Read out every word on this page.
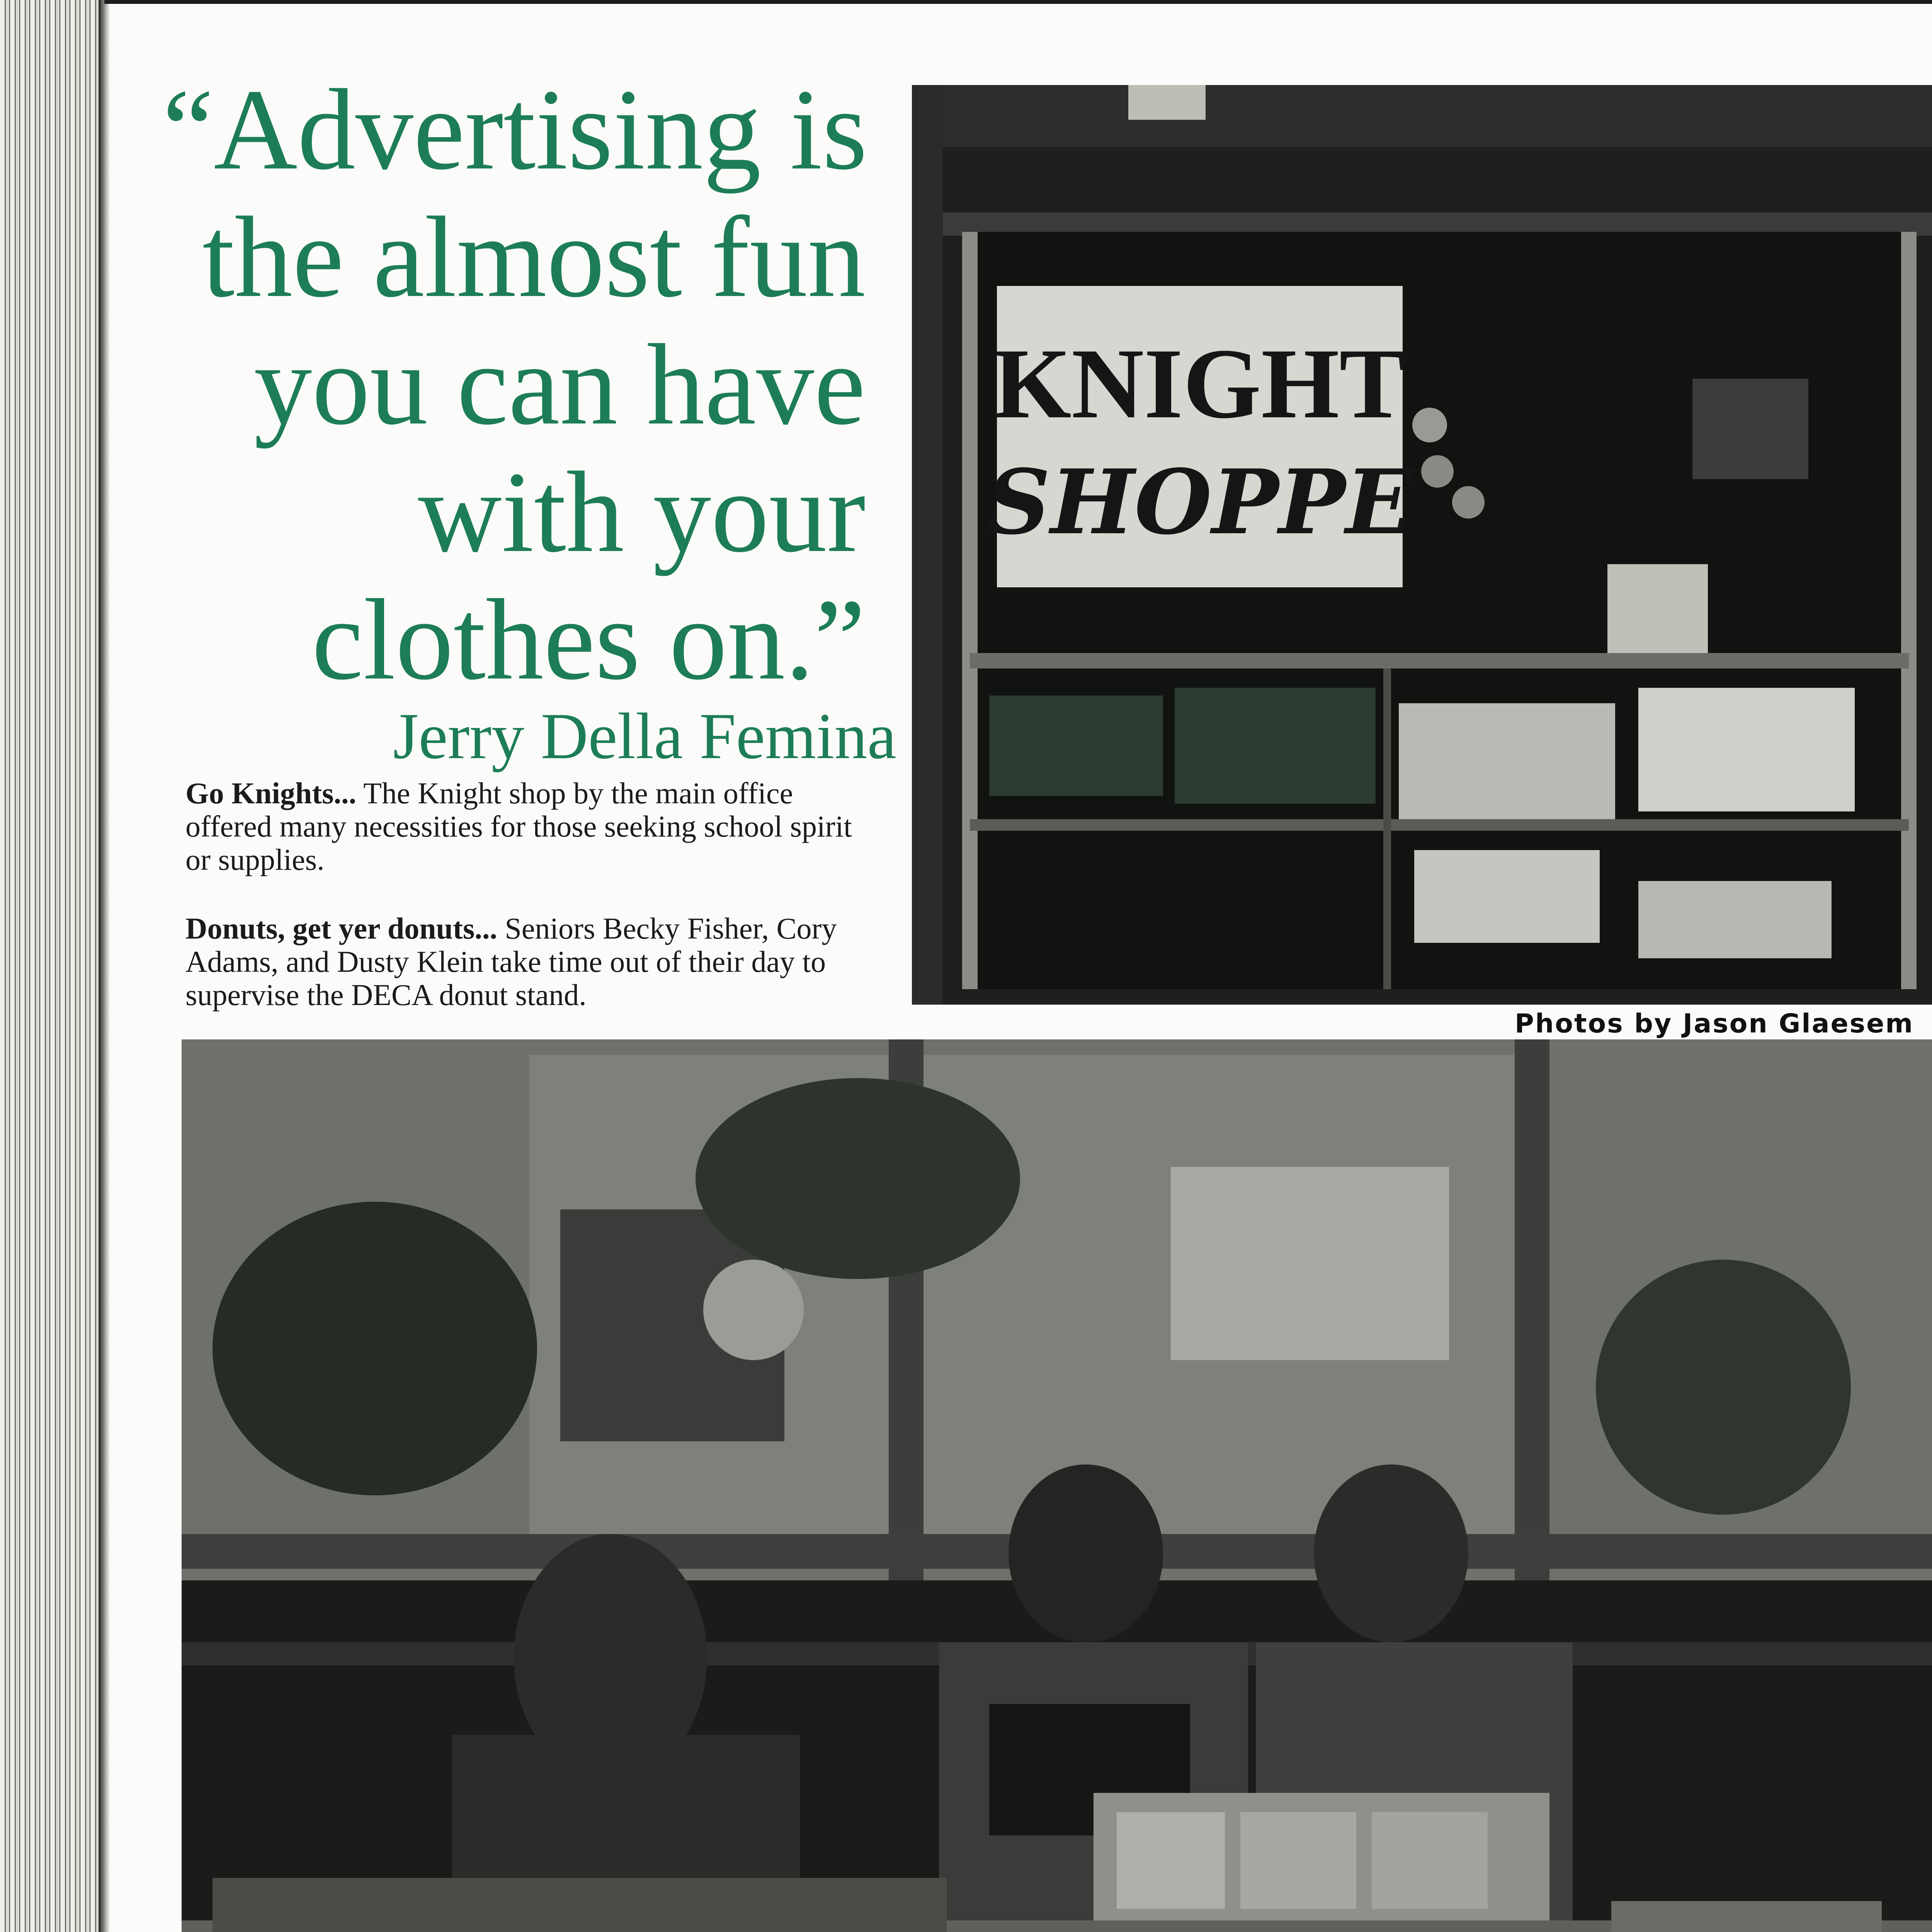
“Advertising is
the almost fun
you can have
with your
clothes on.”
Jerry Della Femina

Go Knights... The Knight shop by the main office offered many necessities for those seeking school spirit or supplies.

Donuts, get yer donuts... Seniors Becky Fisher, Cory Adams, and Dusty Klein take time out of their day to supervise the DECA donut stand.

KNIGHT
SHOPPE
Photos by Jason Glaesem
